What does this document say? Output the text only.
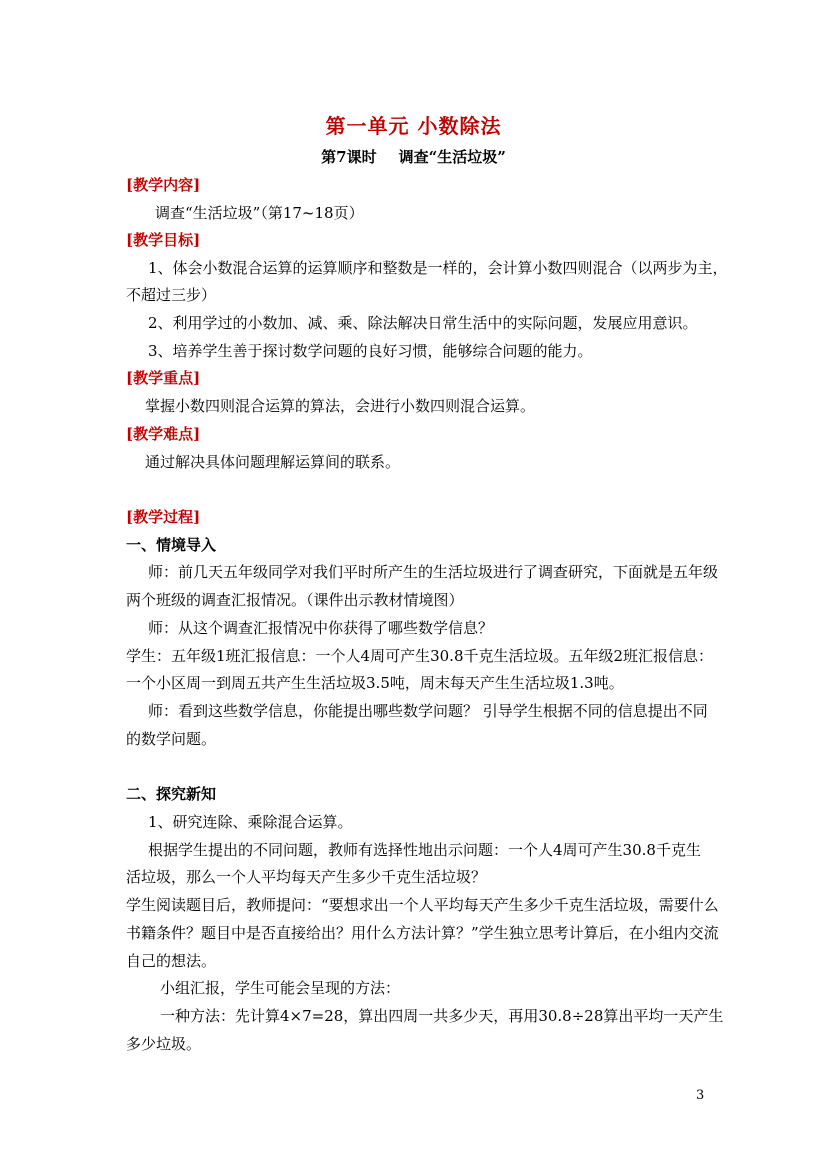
第一单元 小数除法
第7课时 调查“生活垃圾”
[教学内容]
调查“生活垃圾”（第17~18页）
[教学目标]
1、体会小数混合运算的运算顺序和整数是一样的，会计算小数四则混合（以两步为主，
不超过三步）
2、利用学过的小数加、减、乘、除法解决日常生活中的实际问题，发展应用意识。
3、培养学生善于探讨数学问题的良好习惯，能够综合问题的能力。
[教学重点]
掌握小数四则混合运算的算法，会进行小数四则混合运算。
[教学难点]
通过解决具体问题理解运算间的联系。
[教学过程]
一、情境导入
师：前几天五年级同学对我们平时所产生的生活垃圾进行了调查研究，下面就是五年级
两个班级的调查汇报情况。（课件出示教材情境图）
师：从这个调查汇报情况中你获得了哪些数学信息？
学生：五年级1班汇报信息：一个人4周可产生30.8千克生活垃圾。五年级2班汇报信息：
一个小区周一到周五共产生生活垃圾3.5吨，周末每天产生生活垃圾1.3吨。
师：看到这些数学信息，你能提出哪些数学问题？ 引导学生根据不同的信息提出不同
的数学问题。
二、探究新知
1、研究连除、乘除混合运算。
根据学生提出的不同问题，教师有选择性地出示问题：一个人4周可产生30.8千克生
活垃圾，那么一个人平均每天产生多少千克生活垃圾？
学生阅读题目后，教师提问：“要想求出一个人平均每天产生多少千克生活垃圾，需要什么
书籍条件？题目中是否直接给出？用什么方法计算？”学生独立思考计算后，在小组内交流
自己的想法。
小组汇报，学生可能会呈现的方法：
一种方法：先计算4×7=28，算出四周一共多少天，再用30.8÷28算出平均一天产生
多少垃圾。
3
